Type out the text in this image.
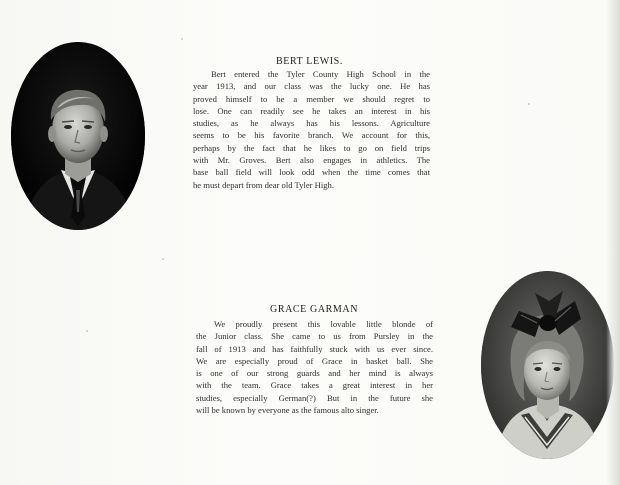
BERT LEWIS.
Bert entered the Tyler County High School in the
year 1913, and our class was the lucky one. He has
proved himself to be a member we should regret to
lose. One can readily see he takes an interest in his
studies, as he always has his lessons. Agriculture
seems to be his favorite branch. We account for this,
perhaps by the fact that he likes to go on field trips
with Mr. Groves. Bert also engages in athletics. The
base ball field will look odd when the time comes that
he must depart from dear old Tyler High.
GRACE GARMAN
We proudly present this lovable little blonde of
the Junior class. She came to us from Pursley in the
fall of 1913 and has faithfully stuck with us ever since.
We are especially proud of Grace in basket ball. She
is one of our strong guards and her mind is always
with the team. Grace takes a great interest in her
studies, especially German(?) But in the future she
will be known by everyone as the famous alto singer.
